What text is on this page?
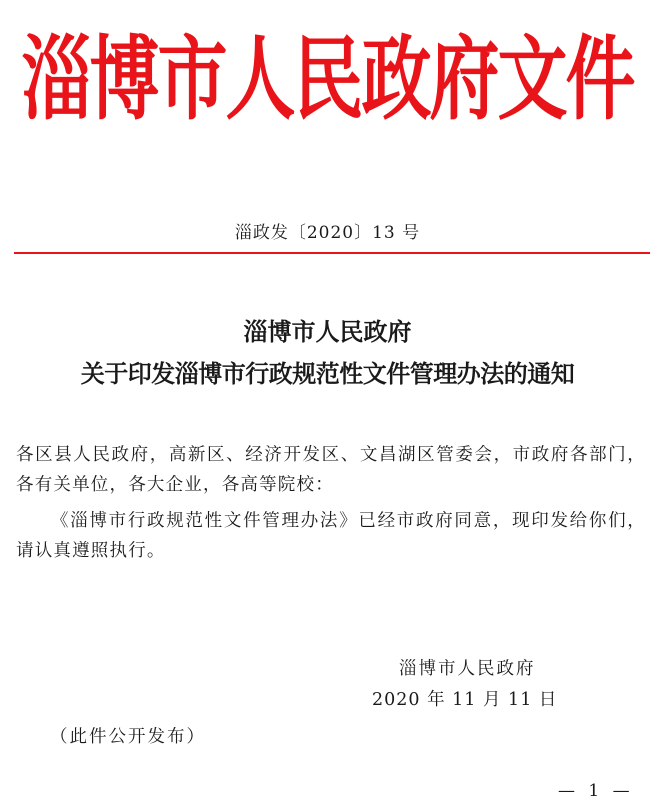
淄博市人民政府文件
淄政发〔2020〕13 号
淄博市人民政府
关于印发淄博市行政规范性文件管理办法的通知
各区县人民政府，高新区、经济开发区、文昌湖区管委会，市政府各部门，各有关单位，各大企业，各高等院校：
《淄博市行政规范性文件管理办法》已经市政府同意，现印发给你们，请认真遵照执行。
淄博市人民政府
2020 年 11 月 11 日
（此件公开发布）
— 1 —
